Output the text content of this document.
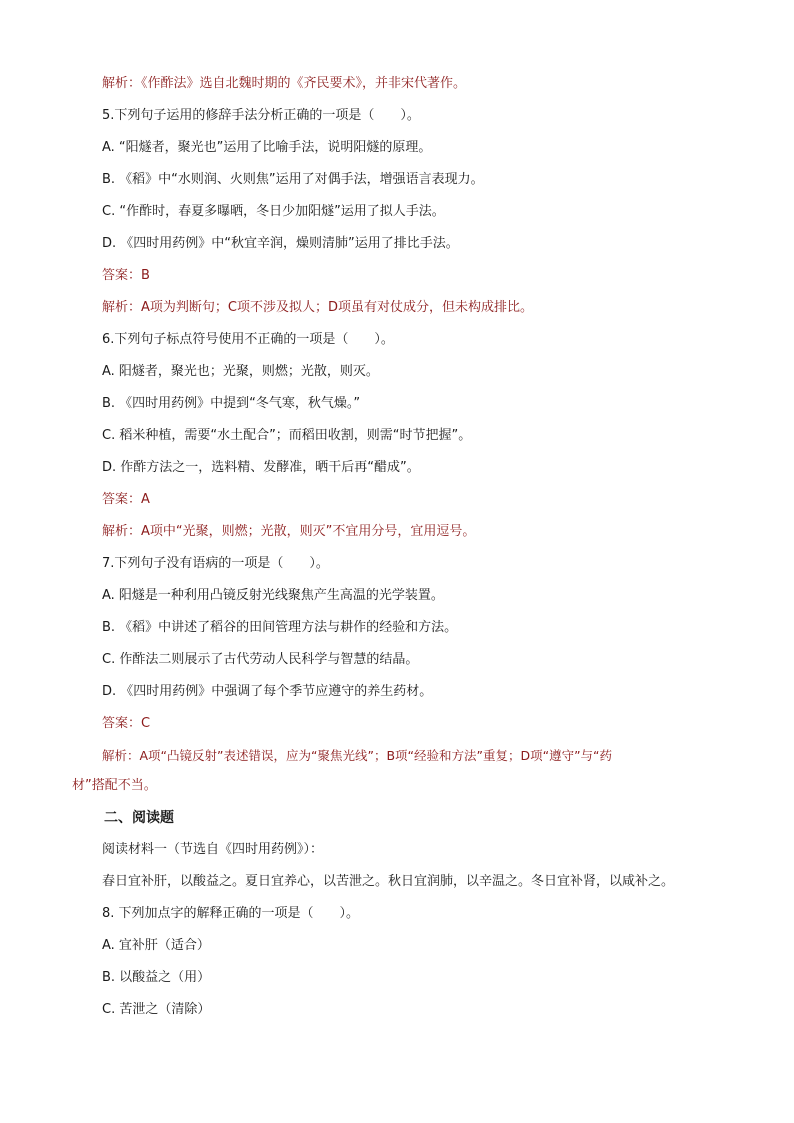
解析：《作酢法》选自北魏时期的《齐民要术》，并非宋代著作。
5.下列句子运用的修辞手法分析正确的一项是（　　）。
A. “阳燧者，聚光也”运用了比喻手法，说明阳燧的原理。
B. 《稻》中“水则润、火则焦”运用了对偶手法，增强语言表现力。
C. “作酢时，春夏多曝晒，冬日少加阳燧”运用了拟人手法。
D. 《四时用药例》中“秋宜辛润，燥则清肺”运用了排比手法。
答案：B
解析：A项为判断句；C项不涉及拟人；D项虽有对仗成分，但未构成排比。
6.下列句子标点符号使用不正确的一项是（　　）。
A. 阳燧者，聚光也；光聚，则燃；光散，则灭。
B. 《四时用药例》中提到“冬气寒，秋气燥。”
C. 稻米种植，需要“水土配合”；而稻田收割，则需“时节把握”。
D. 作酢方法之一，选料精、发酵准，晒干后再“醋成”。
答案：A
解析：A项中“光聚，则燃；光散，则灭”不宜用分号，宜用逗号。
7.下列句子没有语病的一项是（　　）。
A. 阳燧是一种利用凸镜反射光线聚焦产生高温的光学装置。
B. 《稻》中讲述了稻谷的田间管理方法与耕作的经验和方法。
C. 作酢法二则展示了古代劳动人民科学与智慧的结晶。
D. 《四时用药例》中强调了每个季节应遵守的养生药材。
答案：C
解析：A项“凸镜反射”表述错误，应为“聚焦光线”；B项“经验和方法”重复；D项“遵守”与“药
材”搭配不当。
二、阅读题
阅读材料一（节选自《四时用药例》）：
春日宜补肝，以酸益之。夏日宜养心，以苦泄之。秋日宜润肺，以辛温之。冬日宜补肾，以咸补之。
8. 下列加点字的解释正确的一项是（　　）。
A. 宜补肝（适合）
B. 以酸益之（用）
C. 苦泄之（清除）
